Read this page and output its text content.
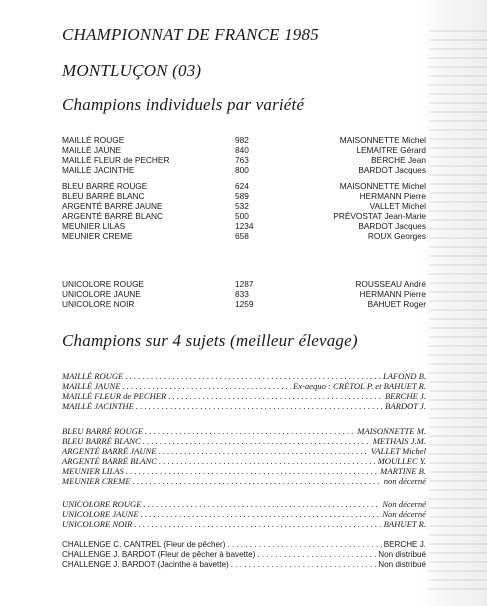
CHAMPIONNAT DE FRANCE 1985
MONTLUÇON (03)
Champions individuels par variété
MAILLÉ ROUGE	982	MAISONNETTE Michel
MAILLÉ JAUNE	840	LEMAITRE Gérard
MAILLÉ FLEUR de PECHER	763	BERCHE Jean
MAILLÉ JACINTHE	800	BARDOT Jacques
BLEU BARRÉ ROUGE	624	MAISONNETTE Michel
BLEU BARRÉ BLANC	589	HERMANN Pierre
ARGENTÉ BARRÉ JAUNE	532	VALLET Michel
ARGENTÉ BARRÉ BLANC	500	PRÉVOSTAT Jean-Marie
MEUNIER LILAS	1234	BARDOT Jacques
MEUNIER CREME	658	ROUX Georges
UNICOLORE ROUGE	1287	ROUSSEAU André
UNICOLORE JAUNE	833	HERMANN Pierre
UNICOLORE NOIR	1259	BAHUET Roger
Champions sur 4 sujets (meilleur élevage)
MAILLÉ ROUGE . . .	LAFOND B.
MAILLÉ JAUNE . . .	Ex-aequo : CRÉTOL P. et BAHUET R.
MAILLÉ FLEUR de PECHER . . .	BERCHE J.
MAILLÉ JACINTHE . . .	BARDOT J.
BLEU BARRÉ ROUGE . . .	MAISONNETTE M.
BLEU BARRÉ BLANC . . .	METHAIS J.M.
ARGENTÉ BARRÉ JAUNE . . .	VALLET Michel
ARGENTÉ BARRÉ BLANC . . .	MOULLEC Y.
MEUNIER LILAS . . .	MARTINE B.
MEUNIER CREME . . .	non décerné
UNICOLORE ROUGE . . .	Non décerné
UNICOLORE JAUNE . . .	Non décerné
UNICOLORE NOIR . . .	BAHUET R.
CHALLENGE C. CANTREL (Fleur de pêcher) . . .	BERCHE J.
CHALLENGE J. BARDOT (Fleur de pêcher à bavette) . . .	Non distribué
CHALLENGE J. BARDOT (Jacinthe à bavette) . . .	Non distribué
